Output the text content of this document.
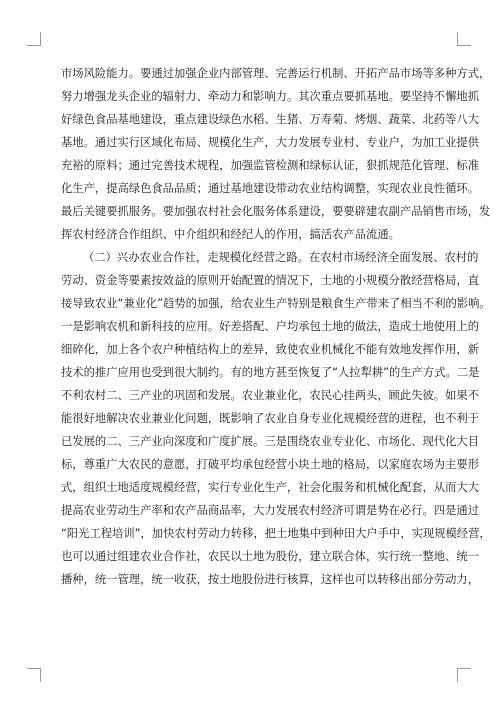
市场风险能力。要通过加强企业内部管理、完善运行机制、开拓产品市场等多种方式，
努力增强龙头企业的辐射力、牵动力和影响力。其次重点要抓基地。要坚持不懈地抓
好绿色食品基地建设，重点建设绿色水稻、生猪、万寿菊、烤烟、蔬菜、北药等八大
基地。通过实行区域化布局、规模化生产，大力发展专业村、专业户，为加工业提供
充裕的原料；通过完善技术规程，加强监管检测和绿标认证，狠抓规范化管理、标准
化生产，提高绿色食品品质；通过基地建设带动农业结构调整，实现农业良性循环。
最后关键要抓服务。要加强农村社会化服务体系建设，要要辟建农副产品销售市场，发
挥农村经济合作组织、中介组织和经纪人的作用，搞活农产品流通。
（二）兴办农业合作社，走规模化经营之路。在农村市场经济全面发展、农村的
劳动、资金等要素按效益的原则开始配置的情况下，土地的小规模分散经营格局，直
接导致农业“兼业化”趋势的加强，给农业生产特别是粮食生产带来了相当不利的影响。
一是影响农机和新科技的应用。好差搭配、户均承包土地的做法，造成土地使用上的
细碎化，加上各个农户种植结构上的差异，致使农业机械化不能有效地发挥作用，新
技术的推广应用也受到很大制约。有的地方甚至恢复了“人拉犁耕”的生产方式。二是
不利农村二、三产业的巩固和发展。农业兼业化，农民心挂两头，顾此失彼。如果不
能很好地解决农业兼业化问题，既影响了农业自身专业化规模经营的进程，也不利于
已发展的二、三产业向深度和广度扩展。三是围绕农业专业化、市场化、现代化大目
标，尊重广大农民的意愿，打破平均承包经营小块土地的格局，以家庭农场为主要形
式，组织土地适度规模经营，实行专业化生产，社会化服务和机械化配套，从而大大
提高农业劳动生产率和农产品商品率，大力发展农村经济可谓是势在必行。四是通过
“阳光工程培训”，加快农村劳动力转移，把土地集中到种田大户手中，实现规模经营，
也可以通过组建农业合作社，农民以土地为股份，建立联合体，实行统一整地、统一
播种，统一管理，统一收获，按土地股份进行核算，这样也可以转移出部分劳动力，
